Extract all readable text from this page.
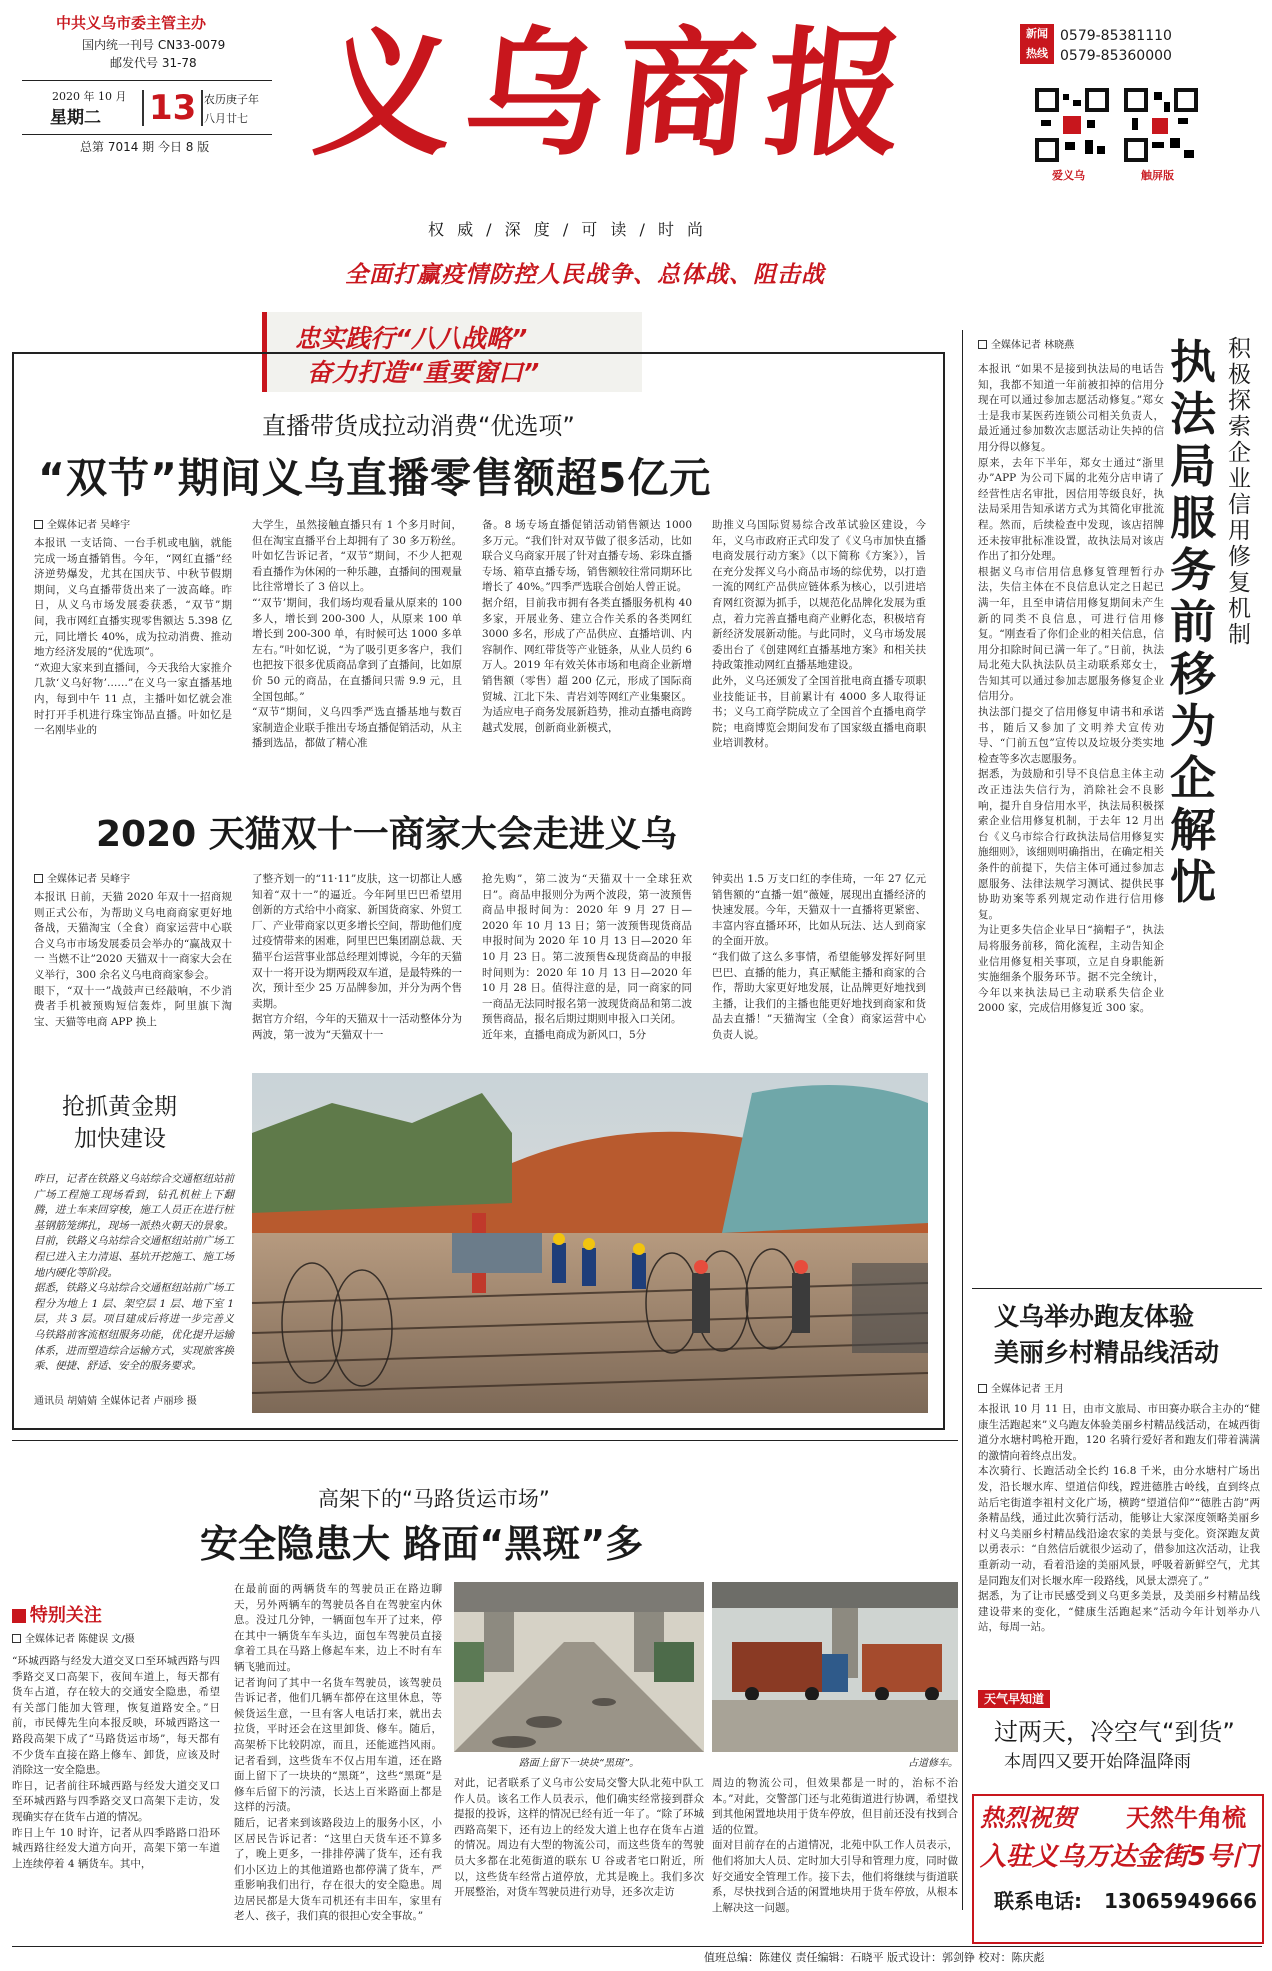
中共义乌市委主管主办
国内统一刊号 CN33-0079
邮发代号 31-78
2020 年 10 月
星期二 13 农历庚子年
八月廿七
总第 7014 期 今日 8 版 义乌商报
权 威 / 深 度 / 可 读 / 时 尚
全面打赢疫情防控人民战争、总体战、阻击战
新闻
热线
0579-85381110
0579-85360000
爱义乌	触屏版
忠实践行“八八战略”
奋力打造“重要窗口”
直播带货成拉动消费“优选项”
“双节”期间义乌直播零售额超5亿元
全媒体记者 吴峰宇
本报讯 一支话筒、一台手机或电脑，就能完成一场直播销售。今年，“网红直播”经济逆势爆发，尤其在国庆节、中秋节假期期间，义乌直播带货出来了一波高峰。昨日，从义乌市场发展委获悉，“双节”期间，我市网红直播实现零售额达 5.398 亿元，同比增长 40%，成为拉动消费、推动地方经济发展的“优选项”。
“欢迎大家来到直播间，今天我给大家推介几款‘义乌好物’……”在义乌一家直播基地内，每到中午 11 点，主播叶如忆就会准时打开手机进行珠宝饰品直播。叶如忆是一名刚毕业的
大学生，虽然接触直播只有 1 个多月时间，但在淘宝直播平台上却拥有了 30 多万粉丝。叶如忆告诉记者，“双节”期间，不少人把观看直播作为休闲的一种乐趣，直播间的围观量比往常增长了 3 倍以上。
“‘双节’期间，我们场均观看量从原来的 100 多人，增长到 200-300 人，从原来 100 单增长到 200-300 单，有时候可达 1000 多单左右。”叶如忆说，“为了吸引更多客户，我们也把按下很多优质商品拿到了直播间，比如原价 50 元的商品，在直播间只需 9.9 元，且全国包邮。”
“双节”期间，义乌四季严选直播基地与数百家制造企业联手推出专场直播促销活动，从主播到选品，都做了精心准
备。8 场专场直播促销活动销售额达 1000 多万元。“我们针对双节做了很多活动，比如联合义乌商家开展了针对直播专场、彩珠直播专场、箱草直播专场，销售额较往常同期环比增长了 40%。”四季严选联合创始人曾正说。
据介绍，目前我市拥有各类直播服务机构 40 多家，开展业务、建立合作关系的各类网红 3000 多名，形成了产品供应、直播培训、内容制作、网红带货等产业链条，从业人员约 6 万人。2019 年有效关体市场和电商企业新增销售额（零售）超 200 亿元，形成了国际商贸城、江北下朱、青岩刘等网红产业集聚区。
为适应电子商务发展新趋势，推动直播电商跨越式发展，创新商业新模式，
助推义乌国际贸易综合改革试验区建设，今年，义乌市政府正式印发了《义乌市加快直播电商发展行动方案》（以下简称《方案》），旨在充分发挥义乌小商品市场的综优势，以打造一流的网红产品供应链体系为核心，以引进培育网红资源为抓手，以规范化品牌化发展为重点，着力完善直播电商产业孵化态，积极培育新经济发展新动能。与此同时，义乌市场发展委出台了《创建网红直播基地方案》和相关扶持政策推动网红直播基地建设。
此外，义乌还颁发了全国首批电商直播专项职业技能证书，目前累计有 4000 多人取得证书；义乌工商学院成立了全国首个直播电商学院；电商博览会期间发布了国家级直播电商职业培训教材。
2020 天猫双十一商家大会走进义乌
全媒体记者 吴峰宇
本报讯 日前，天猫 2020 年双十一招商规则正式公布，为帮助义乌电商商家更好地备战，天猫淘宝（全食）商家运营中心联合义乌市市场发展委员会举办的“赢战双十一 当燃不让”2020 天猫双十一商家大会在义举行，300 余名义乌电商商家参会。
眼下，“双十一”战鼓声已经敲响，不少消费者手机被预购短信轰炸，阿里旗下淘宝、天猫等电商 APP 换上
了整齐划一的“11·11”皮肤，这一切都让人感知着“双十一”的逼近。今年阿里巴巴希望用创新的方式给中小商家、新国货商家、外贸工厂、产业带商家以更多增长空间，帮助他们度过疫情带来的困难，阿里巴巴集团副总裁、天猫平台运营事业部总经理刘博说，今年的天猫双十一将开设为期两段双车道，是最特殊的一次，预计至少 25 万品牌参加，并分为两个售卖期。
据官方介绍，今年的天猫双十一活动整体分为两波，第一波为“天猫双十一
抢先购”，第二波为“天猫双十一全球狂欢日”。商品申报则分为两个波段，第一波预售商品申报时间为：2020 年 9 月 27 日—2020 年 10 月 13 日；第一波预售现货商品申报时间为 2020 年 10 月 13 日—2020 年 10 月 23 日。第二波预售&现货商品的申报时间则为：2020 年 10 月 13 日—2020 年 10 月 28 日。值得注意的是，同一商家的同一商品无法同时报名第一波现货商品和第二波预售商品，报名后期过期则申报入口关闭。
近年来，直播电商成为新风口，5分
钟卖出 1.5 万支口红的李佳琦，一年 27 亿元销售额的“直播一姐”薇娅，展现出直播经济的快速发展。今年，天猫双十一直播将更紧密、丰富内容直播环环，比如从玩法、达人到商家的全面开放。
“我们做了这么多事情，希望能够发挥好阿里巴巴、直播的能力，真正赋能主播和商家的合作，帮助大家更好地发展，让品牌更好地找到主播，让我们的主播也能更好地找到商家和货品去直播！”天猫淘宝（全食）商家运营中心负责人说。
抢抓黄金期
加快建设
昨日，记者在铁路义乌站综合交通枢纽站前广场工程施工现场看到，钻孔机桩上下翻腾，进土车来回穿梭，施工人员正在进行桩基钢筋笼绑扎，现场一派热火朝天的景象。目前，铁路义乌站综合交通枢纽站前广场工程已进入主力清退、基坑开挖施工、施工场地内硬化等阶段。
据悉，铁路义乌站综合交通枢纽站前广场工程分为地上 1 层、架空层 1 层、地下室 1 层，共 3 层。项目建成后将进一步完善义乌铁路前客流枢纽服务功能，优化提升运输体系，进而塑造综合运输方式，实现旅客换乘、便捷、舒适、安全的服务要求。
通讯员 胡婧婧 全媒体记者 卢丽珍 摄
全媒体记者 林晓燕	积极探索企业信用修复机制
执法局服务前移为企解忧
本报讯 “如果不是接到执法局的电话告知，我都不知道一年前被扣掉的信用分现在可以通过参加志愿活动修复。”郑女士是我市某医药连锁公司相关负责人，最近通过参加数次志愿活动让失掉的信用分得以修复。
原来，去年下半年，郑女士通过“浙里办”APP 为公司下属的北苑分店申请了经营性店名审批，因信用等级良好，执法局采用告知承诺方式为其简化审批流程。然而，后续检查中发现，该店招牌还未按审批标准设置，故执法局对该店作出了扣分处理。
根据义乌市信用信息修复管理暂行办法，失信主体在不良信息认定之日起已满一年，且至申请信用修复期间未产生新的同类不良信息，可进行信用修复。“刚查看了你们企业的相关信息，信用分扣除时间已满一年了。”日前，执法局北苑大队执法队员主动联系郑女士，告知其可以通过参加志愿服务修复企业信用分。
执法部门提交了信用修复申请书和承诺书，随后又参加了文明养犬宣传劝导、“门前五包”宣传以及垃圾分类实地检查等多次志愿服务。
据悉，为鼓励和引导不良信息主体主动改正违法失信行为，消除社会不良影响，提升自身信用水平，执法局积极探索企业信用修复机制，于去年 12 月出台《义乌市综合行政执法局信用修复实施细则》，该细则明确指出，在确定相关条件的前提下，失信主体可通过参加志愿服务、法律法规学习测试、提供民事协助劝案等系列规定动作进行信用修复。
为让更多失信企业早日“摘帽子”，执法局将服务前移，简化流程，主动告知企业信用修复相关事项，立足自身职能新实施细条个服务环节。据不完全统计，今年以来执法局已主动联系失信企业 2000 家，完成信用修复近 300 家。
义乌举办跑友体验
美丽乡村精品线活动
全媒体记者 王月
本报讯 10 月 11 日，由市文旅局、市田赛办联合主办的“健康生活跑起来”义乌跑友体验美丽乡村精品线活动，在城西街道分水塘村鸣枪开跑，120 名骑行爱好者和跑友们带着满满的激情向着终点出发。
本次骑行、长跑活动全长约 16.8 千米，由分水塘村广场出发，沿长堰水库、望道信仰线，蹚进德胜古岭线，直到终点站后宅街道李祖村文化广场，横跨“望道信仰”“德胜古韵”两条精品线，通过此次骑行活动，能够让大家深度领略美丽乡村义乌美丽乡村精品线沿途农家的美景与变化。资深跑友黄以勇表示：“自然信后就很少运动了，借参加这次活动，让我重新动一动，看着沿途的美丽风景，呼吸着新鲜空气，尤其是同跑友们对长堰水库一段路线，风景太漂亮了。”
据悉，为了让市民感受到义乌更多美景，及美丽乡村精品线建设带来的变化，“健康生活跑起来”活动今年计划举办八站，每周一站。
天气早知道
过两天，冷空气“到货”
本周四又要开始降温降雨
热烈祝贺 天然牛角梳
入驻义乌万达金街5号门
联系电话: 13065949666
高架下的“马路货运市场”
安全隐患大 路面“黑斑”多
特别关注
全媒体记者 陈健误 文/摄
“环城西路与经发大道交叉口至环城西路与四季路交叉口高架下，夜间车道上，每天都有货车占道，存在较大的交通安全隐患，希望有关部门能加大管理，恢复道路安全。”日前，市民傅先生向本报反映，环城西路这一路段高架下成了“马路货运市场”，每天都有不少货车直接在路上修车、卸货，应该及时消除这一安全隐患。
昨日，记者前往环城西路与经发大道交叉口至环城西路与四季路交叉口高架下走访，发现确实存在货车占道的情况。
昨日上午 10 时许，记者从四季路路口沿环城西路往经发大道方向开，高架下第一车道上连续停着 4 辆货车。其中，
在最前面的两辆货车的驾驶员正在路边聊天，另外两辆车的驾驶员各自在驾驶室内休息。没过几分钟，一辆面包车开了过来，停在其中一辆货车车头边，面包车驾驶员直接拿着工具在马路上修起车来，边上不时有车辆飞驰而过。
记者询问了其中一名货车驾驶员，该驾驶员告诉记者，他们几辆车都停在这里休息，等候货运生意，一旦有客人电话打来，就出去拉货，平时还会在这里卸货、修车。随后，高架桥下比较阴凉，而且，还能遮挡风雨。记者看到，这些货车不仅占用车道，还在路面上留下了一块块的“黑斑”，这些“黑斑”是修车后留下的污渍，长达上百米路面上都是这样的污渍。
随后，记者来到该路段边上的服务小区，小区居民告诉记者：“这里白天货车还不算多了，晚上更多，一排排停满了货车，还有我们小区边上的其他道路也都停满了货车，严重影响我们出行，存在很大的安全隐患。周边居民都是大货车司机还有丰田车，家里有老人、孩子，我们真的很担心安全事故。”
路面上留下一块块“黑斑”。	占道修车。
对此，记者联系了义乌市公安局交警大队北苑中队工作人员。该名工作人员表示，他们确实经常接到群众提报的投诉，这样的情况已经有近一年了。“除了环城西路高架下，还有边上的经发大道上也存在货车占道的情况。周边有大型的物流公司，而这些货车的驾驶员大多都在北苑街道的联东 U 谷或者宅口附近，所以，这些货车经常占道停放，尤其是晚上。我们多次开展整治，对货车驾驶员进行劝导，还多次走访
周边的物流公司，但效果都是一时的，治标不治本。”对此，交警部门还与北苑街道进行协调，希望找到其他闲置地块用于货车停放，但目前还没有找到合适的位置。
面对目前存在的占道情况，北苑中队工作人员表示，他们将加大人员、定时加大引导和管理力度，同时做好交通安全管理工作。接下去，他们将继续与街道联系，尽快找到合适的闲置地块用于货车停放，从根本上解决这一问题。
值班总编：陈建仪 责任编辑：石晓平 版式设计：郭剑铮 校对：陈庆彪
